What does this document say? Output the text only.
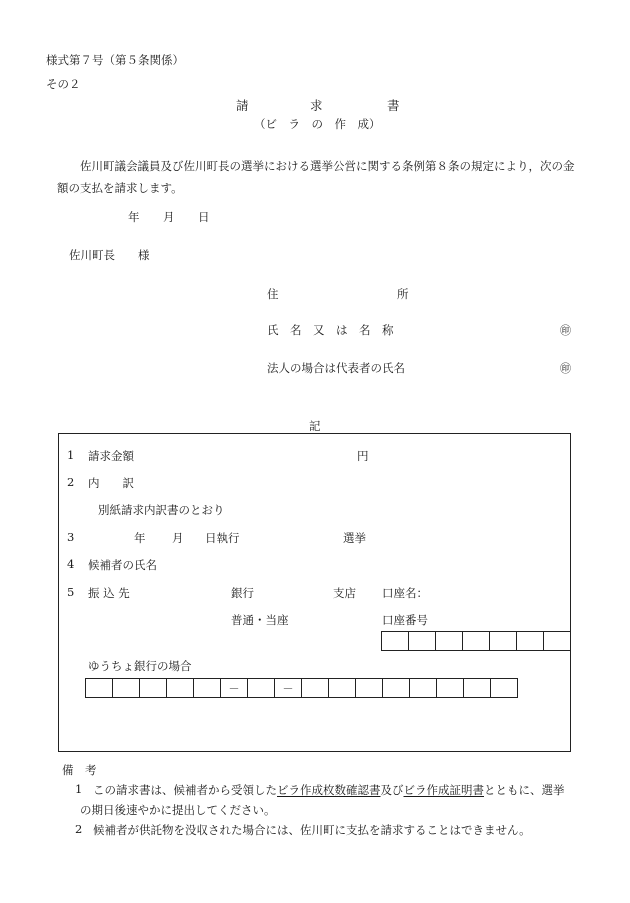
様式第７号（第５条関係）
その２
請	求	書
（ビ　ラ　の　作　成）
佐川町議会議員及び佐川町長の選挙における選挙公営に関する条例第８条の規定により，次の金額の支払を請求します。
年 月 日
佐川町長　　様
住	所
氏　名　又　は　名　称	㊞
法人の場合は代表者の氏名	㊞
記
1 請求金額	円
2 内　　訳
別紙請求内訳書のとおり
3	年 月 日執行	選挙
4 候補者の氏名
5 振 込 先	銀行	支店 口座名：
普通・当座	口座番号
ゆうちょ銀行の場合
－	－
備　考
1 この請求書は、候補者から受領したビラ作成枚数確認書及びビラ作成証明書とともに、選挙
の期日後速やかに提出してください。
2 候補者が供託物を没収された場合には、佐川町に支払を請求することはできません。
